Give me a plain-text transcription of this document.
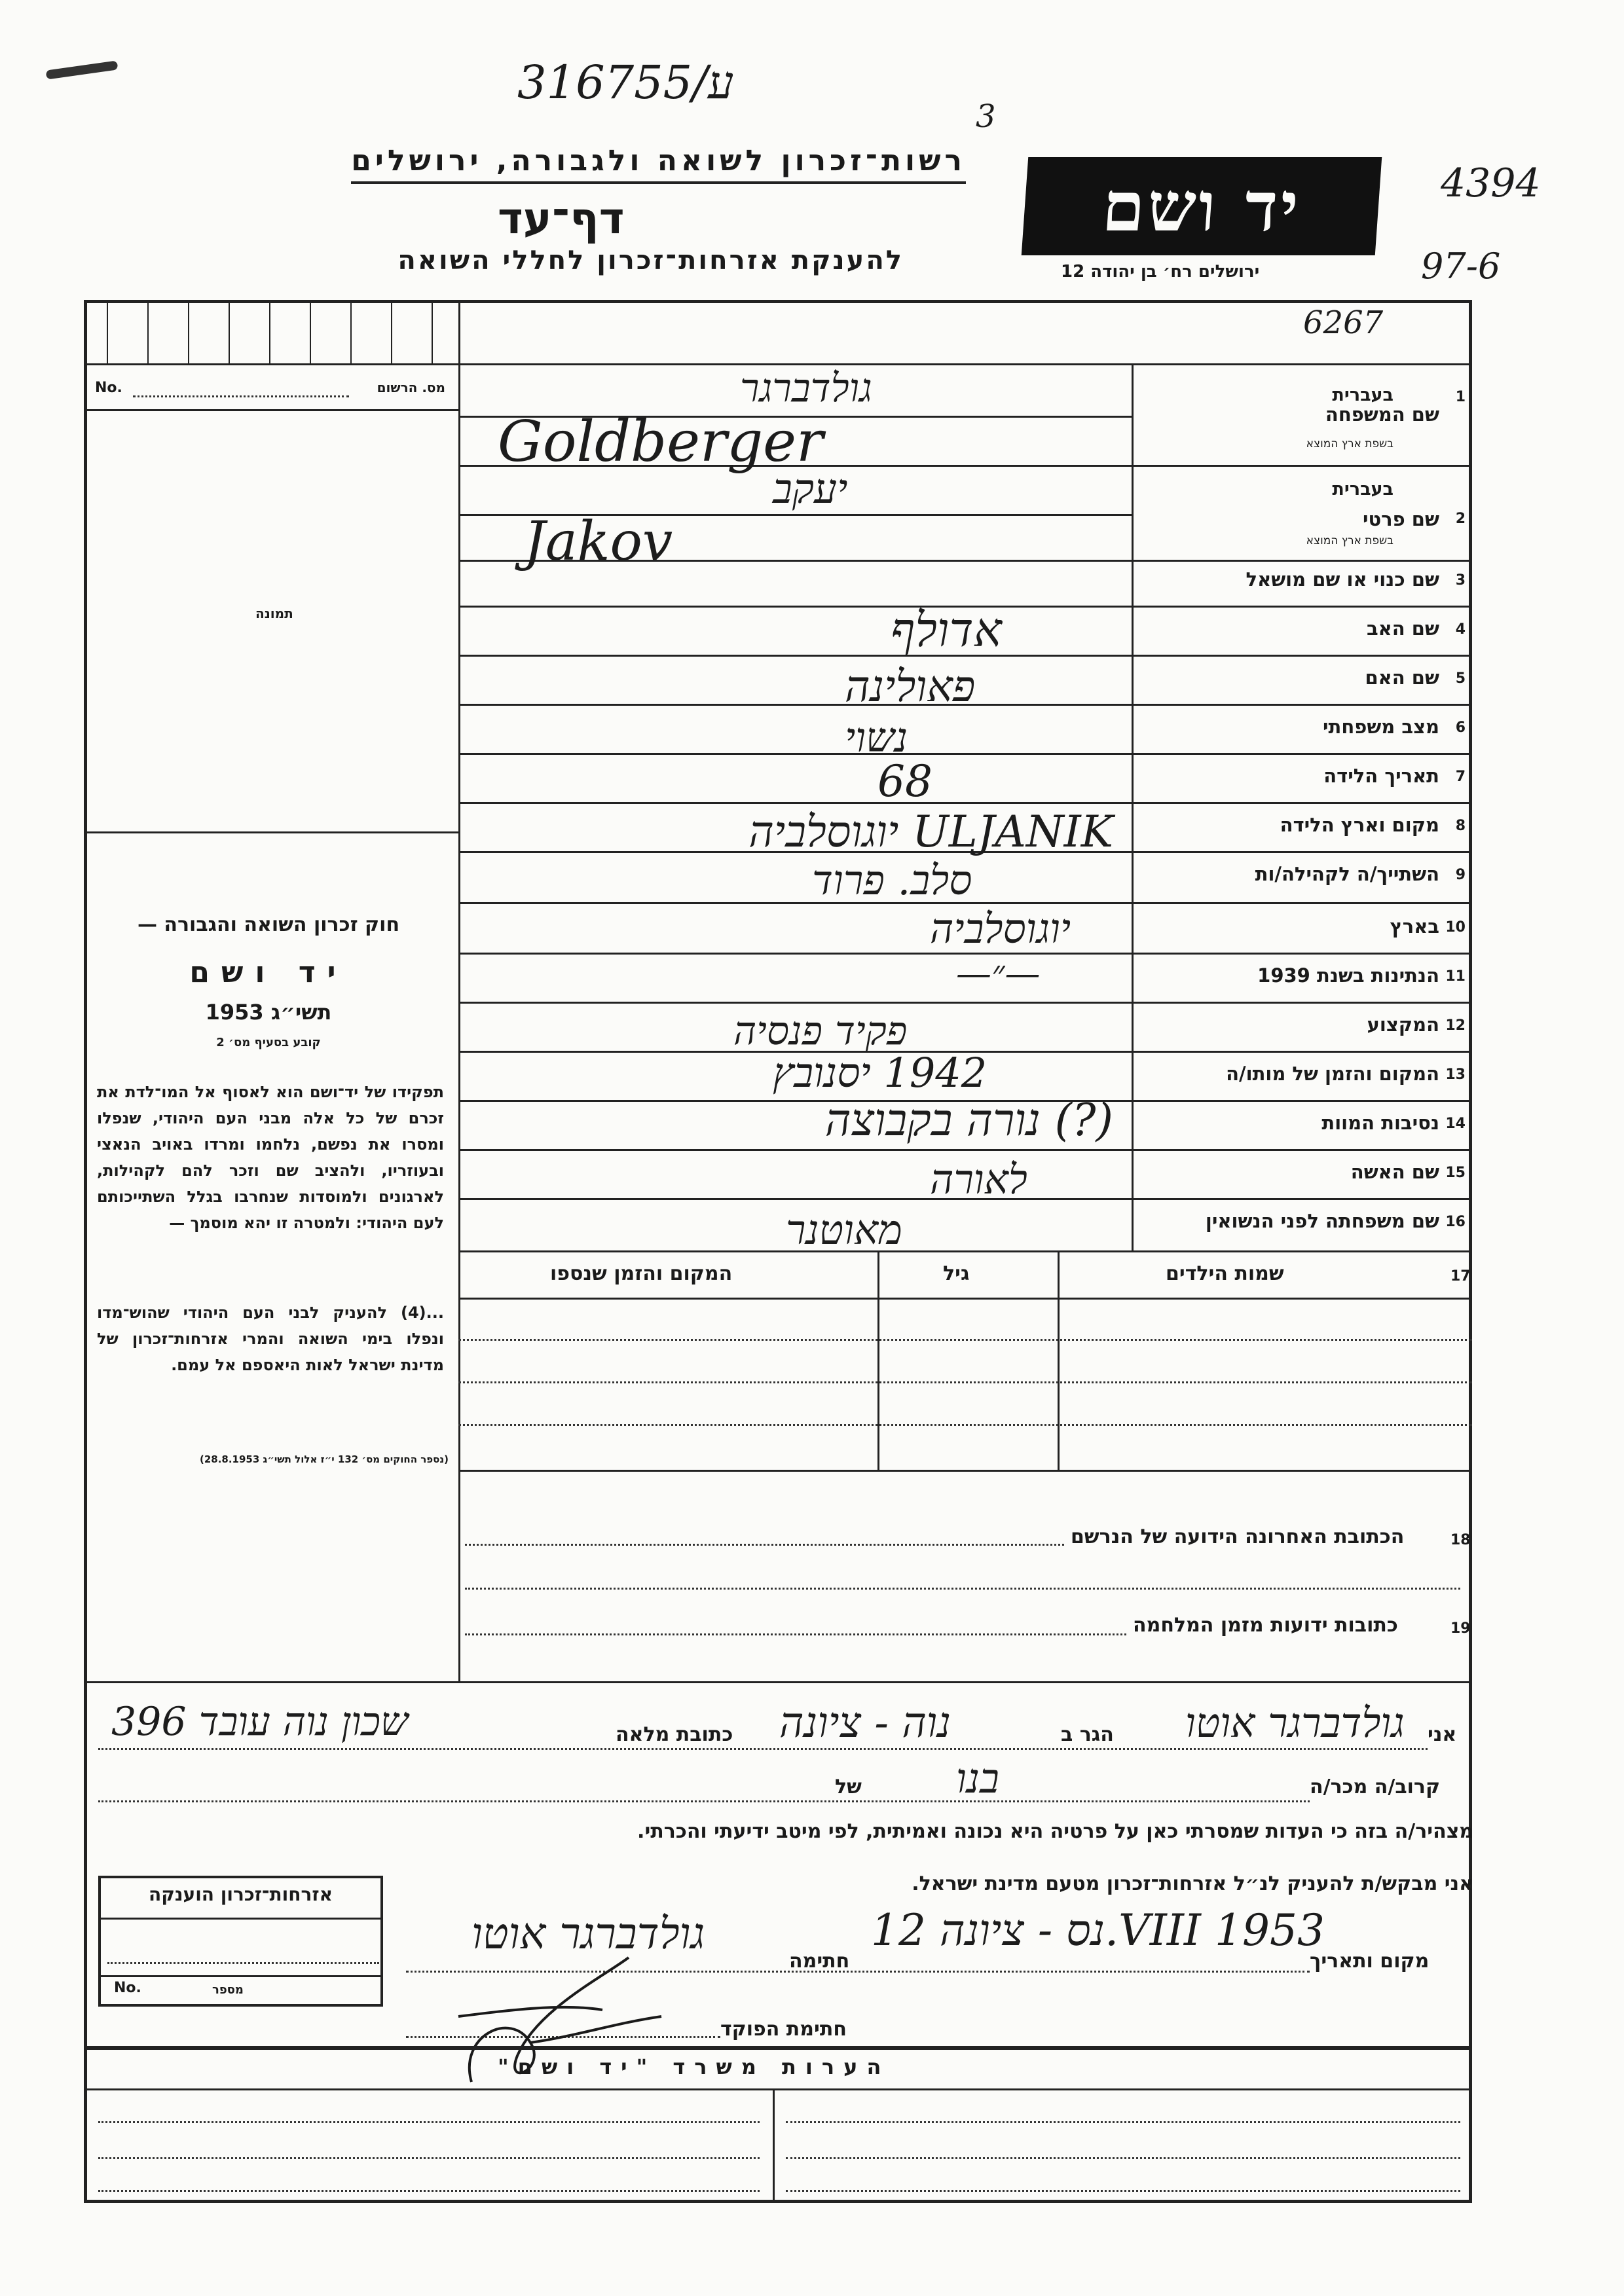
316755/ע
3
4394
97-6
רשות־זכרון לשואה ולגבורה, ירושלים
דף־עד
להענקת אזרחות־זכרון לחללי השואה
יד ושם
ירושלים רח׳ בן יהודה 12
6267
No.	מס. הרשום
תמונה
חוק זכרון השואה והגבורה —
יד ושם
תשי״ג 1953
קובע בסעיף מס׳ 2
תפקידו של יד־ושם הוא לאסוף אל המו־לדת את זכרם של כל אלה מבני העם היהודי, שנפלו ומסרו את נפשם, נלחמו ומרדו באויב הנאצי ובעוזריו, ולהציב שם וזכר להם לקהילות, לארגונים ולמוסדות שנחרבו בגלל השתייכותם לעם היהודי: ולמטרה זו יהא מוסמך —
...(4) להעניק לבני העם היהודי שהוש־מדו ונפלו בימי השואה והמרי אזרחות־זכרון של מדינת ישראל לאות היאספם אל עמם.
(נספר החוקים מס׳ 132 י״ז אלול תשי״ג 28.8.1953)
1
שם המשפחה
בעברית
בשפת ארץ המוצא
2
שם פרטי
בעברית
בשפת ארץ המוצא
3
שם כנוי או שם מושאל
4
שם האב
5
שם האם
6
מצב משפחתי
7
תאריך הלידה
8
מקום וארץ הלידה
9
השתייך/ה לקהילה/ות
10
בארץ
11
הנתינות בשנת 1939
12
המקצוע
13
המקום והזמן של מותו/ה
14
נסיבות המוות
15
שם האשה
16
שם משפחתה לפני הנשואין
גולדברגר
Goldberger
יעקב
Jakov
אדולף
פאולינה
נשוי
68
ULJANIK יוגוסלביה
סלב. פרוד
יוגוסלביה
—״—
פקיד פנסיה
1942 יסנובץ
(?) נורה בקבוצה
לאורה
מאוטנר
17
שמות הילדים
גיל
המקום והזמן שנספו
18
הכתובת האחרונה הידועה של הנרשם
19
כתובות ידועות מזמן המלחמה
אני
גולדברגר אוטו
הגר ב
נוה - ציונה
כתובת מלאה
שכון נוה עובד 396
קרוב/ה מכר/ה
בנו
של
מצהיר/ה בזה כי העדות שמסרתי כאן על פרטיה היא נכונה ואמיתית, לפי מיטב ידיעתי והכרתי.
אני מבקש/ת להעניק לנ״ל אזרחות־זכרון מטעם מדינת ישראל.
אזרחות־זכרון הוענקה
No.	מספר
מקום ותאריך
נס - ציונה 12.VIII 1953
חתימה
גולדברגר אוטו
חתימת הפוקד
הערות משרד "יד ושם"
